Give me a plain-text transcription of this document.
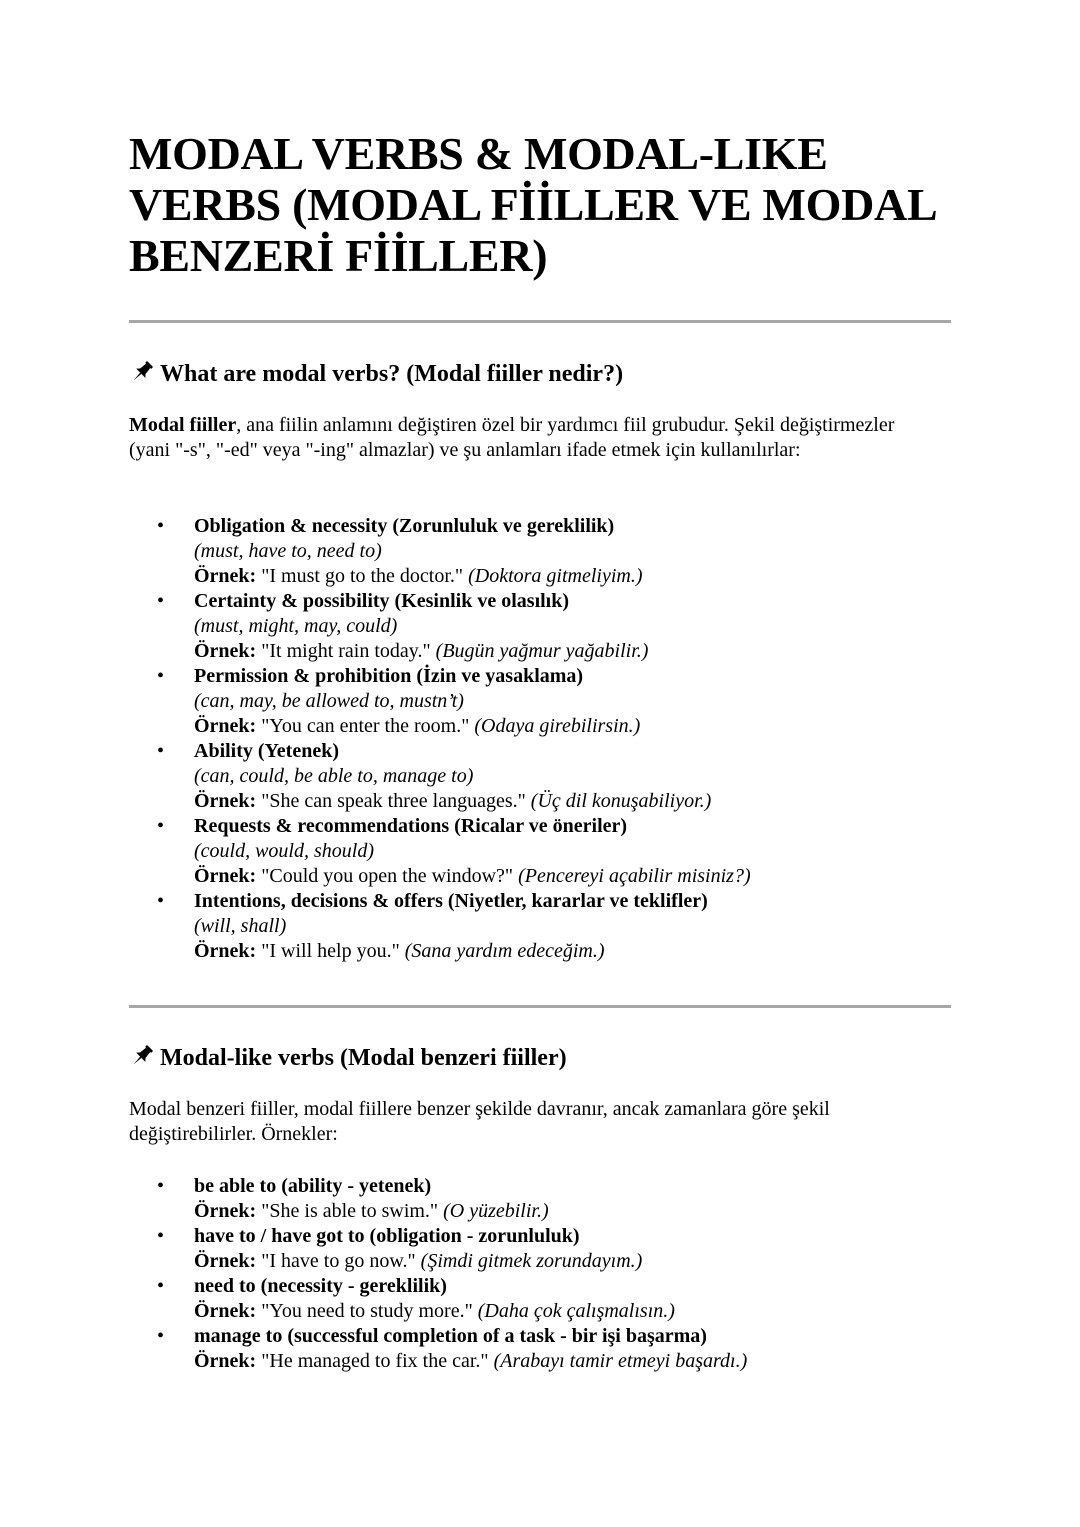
MODAL VERBS & MODAL-LIKE
VERBS (MODAL FİİLLER VE MODAL
BENZERİ FİİLLER)
What are modal verbs? (Modal fiiller nedir?)

Modal fiiller, ana fiilin anlamını değiştiren özel bir yardımcı fiil grubudur. Şekil değiştirmezler (yani "-s", "-ed" veya "-ing" almazlar) ve şu anlamları ifade etmek için kullanılırlar:

• Obligation & necessity (Zorunluluk ve gereklilik)
(must, have to, need to)
Örnek: "I must go to the doctor." (Doktora gitmeliyim.)
• Certainty & possibility (Kesinlik ve olasılık)
(must, might, may, could)
Örnek: "It might rain today." (Bugün yağmur yağabilir.)
• Permission & prohibition (İzin ve yasaklama)
(can, may, be allowed to, mustn’t)
Örnek: "You can enter the room." (Odaya girebilirsin.)
• Ability (Yetenek)
(can, could, be able to, manage to)
Örnek: "She can speak three languages." (Üç dil konuşabiliyor.)
• Requests & recommendations (Ricalar ve öneriler)
(could, would, should)
Örnek: "Could you open the window?" (Pencereyi açabilir misiniz?)
• Intentions, decisions & offers (Niyetler, kararlar ve teklifler)
(will, shall)
Örnek: "I will help you." (Sana yardım edeceğim.)
Modal-like verbs (Modal benzeri fiiller)

Modal benzeri fiiller, modal fiillere benzer şekilde davranır, ancak zamanlara göre şekil değiştirebilirler. Örnekler:

• be able to (ability - yetenek)
Örnek: "She is able to swim." (O yüzebilir.)
• have to / have got to (obligation - zorunluluk)
Örnek: "I have to go now." (Şimdi gitmek zorundayım.)
• need to (necessity - gereklilik)
Örnek: "You need to study more." (Daha çok çalışmalısın.)
• manage to (successful completion of a task - bir işi başarma)
Örnek: "He managed to fix the car." (Arabayı tamir etmeyi başardı.)
